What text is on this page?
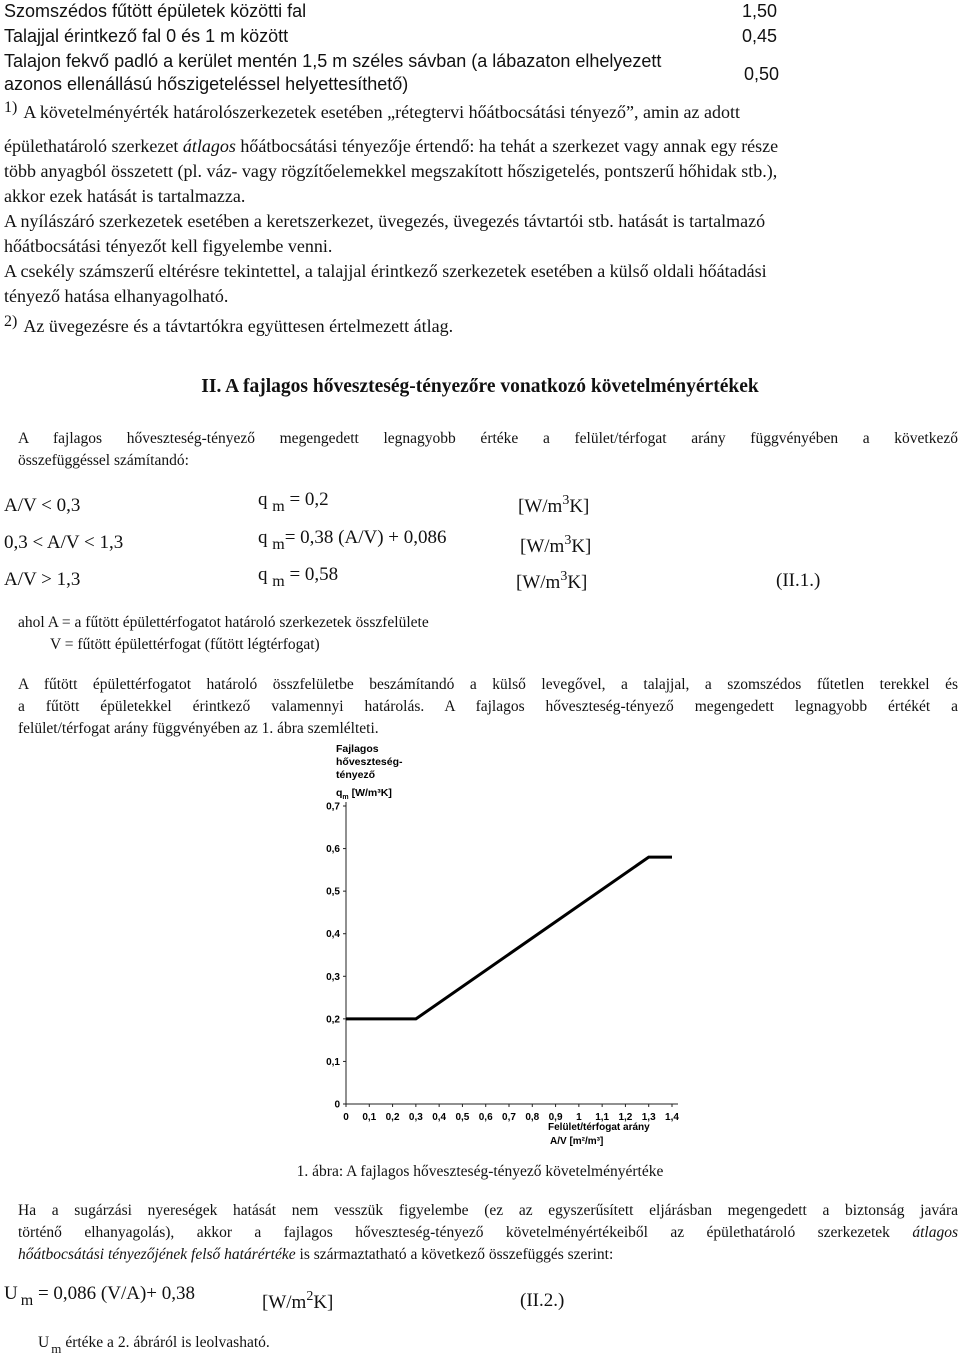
Szomszédos fűtött épületek közötti fal	1,50
Talajjal érintkező fal 0 és 1 m között	0,45
Talajon fekvő padló a kerület mentén 1,5 m széles sávban (a lábazaton elhelyezett
azonos ellenállású hőszigeteléssel helyettesíthető)	0,50
1) A követelményérték határolószerkezetek esetében „rétegtervi hőátbocsátási tényező”, amin az adott
épülethatároló szerkezet átlagos hőátbocsátási tényezője értendő: ha tehát a szerkezet vagy annak egy része
több anyagból összetett (pl. váz- vagy rögzítőelemekkel megszakított hőszigetelés, pontszerű hőhidak stb.),
akkor ezek hatását is tartalmazza.
A nyílászáró szerkezetek esetében a keretszerkezet, üvegezés, üvegezés távtartói stb. hatását is tartalmazó
hőátbocsátási tényezőt kell figyelembe venni.
A csekély számszerű eltérésre tekintettel, a talajjal érintkező szerkezetek esetében a külső oldali hőátadási
tényező hatása elhanyagolható.
2) Az üvegezésre és a távtartókra együttesen értelmezett átlag.
II. A fajlagos hőveszteség-tényezőre vonatkozó követelményértékek
A fajlagos hőveszteség-tényező megengedett legnagyobb értéke a felület/térfogat arány függvényében a következő
összefüggéssel számítandó:
A/V < 0,3	q $_m$ = 0,2	$[W/m^3K]$
0,3 < A/V < 1,3	q $_m$= 0,38 (A/V) + 0,086	$[W/m^3K]$
A/V > 1,3	q $_m$ = 0,58	$[W/m^3K]$	(II.1.)
ahol A = a fűtött épülettérfogatot határoló szerkezetek összfelülete
V = fűtött épülettérfogat (fűtött légtérfogat)
A fűtött épülettérfogatot határoló összfelületbe beszámítandó a külső levegővel, a talajjal, a szomszédos fűtetlen terekkel és
a fűtött épületekkel érintkező valamennyi határolás. A fajlagos hőveszteség-tényező megengedett legnagyobb értékét a
felület/térfogat arány függvényében az 1. ábra szemlélteti.
Fajlagos
hőveszteség-
tényező
$q_m$ [W/m³K]
0
0,1
0,2
0,3
0,4
0,5
0,6
0,7
0 0,1 0,2 0,3 0,4 0,5 0,6 0,7 0,8 0,9 1 1,1 1,2 1,3 1,4
Felület/térfogat arány
A/V [m²/m³]
1. ábra: A fajlagos hőveszteség-tényező követelményértéke
Ha a sugárzási nyereségek hatását nem vesszük figyelembe (ez az egyszerűsített eljárásban megengedett a biztonság javára
történő elhanyagolás), akkor a fajlagos hőveszteség-tényező követelményértékeiből az épülethatároló szerkezetek átlagos
hőátbocsátási tényezőjének felső határértéke is származtatható a következő összefüggés szerint:
U $_m$ = 0,086 (V/A)+ 0,38	$[W/m^2K]$	(II.2.)
U $_m$ értéke a 2. ábráról is leolvasható.
